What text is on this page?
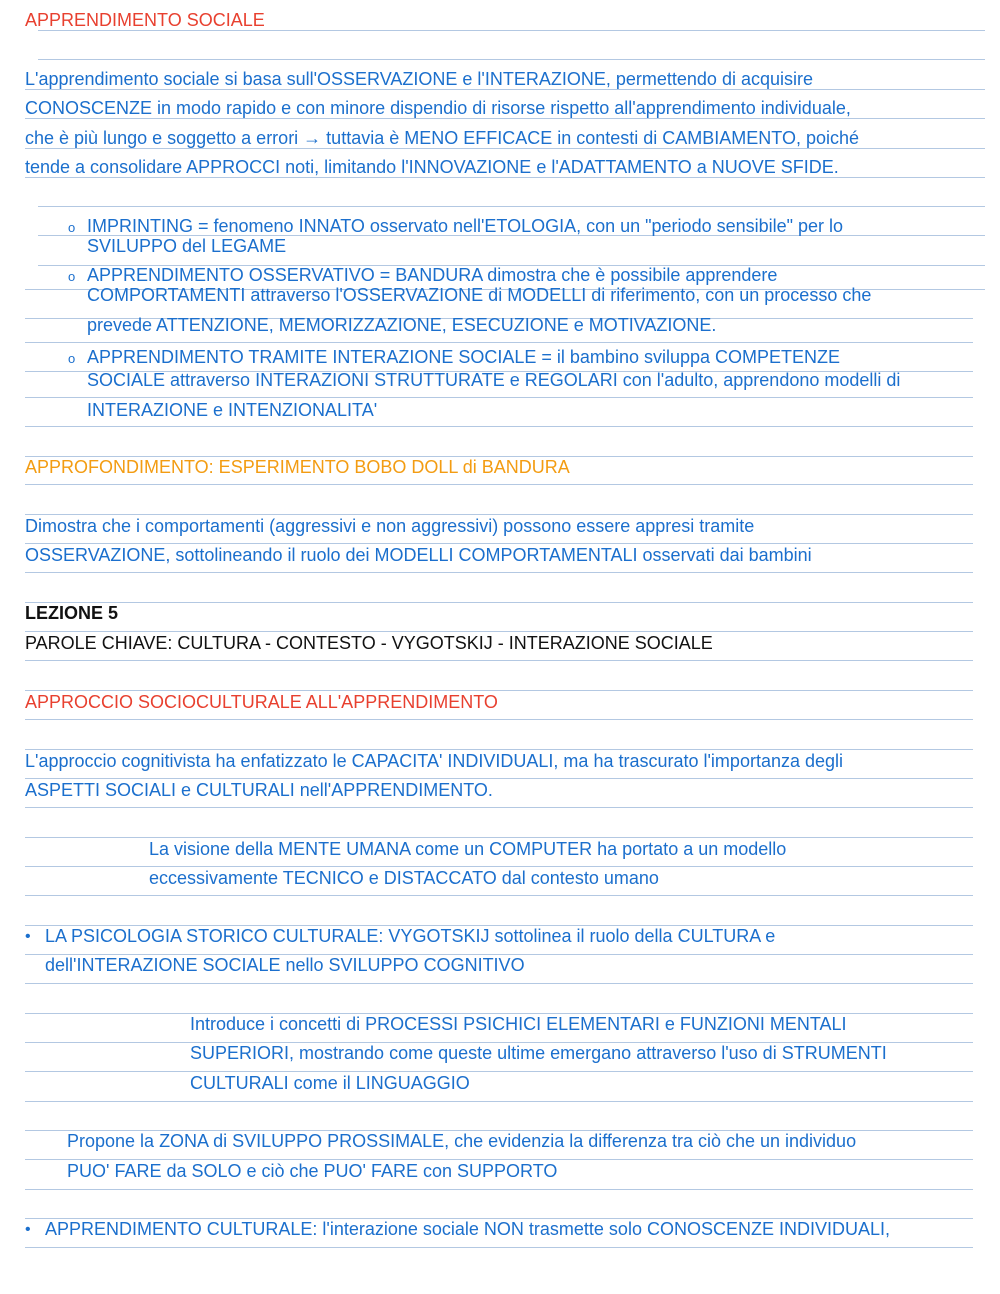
APPRENDIMENTO SOCIALE
L'apprendimento sociale si basa sull'OSSERVAZIONE e l'INTERAZIONE, permettendo di acquisire
CONOSCENZE in modo rapido e con minore dispendio di risorse rispetto all'apprendimento individuale,
che è più lungo e soggetto a errori → tuttavia è MENO EFFICACE in contesti di CAMBIAMENTO, poiché
tende a consolidare APPROCCI noti, limitando l'INNOVAZIONE e l'ADATTAMENTO a NUOVE SFIDE.
o IMPRINTING = fenomeno INNATO osservato nell'ETOLOGIA, con un "periodo sensibile" per lo
SVILUPPO del LEGAME
o APPRENDIMENTO OSSERVATIVO = BANDURA dimostra che è possibile apprendere
COMPORTAMENTI attraverso l'OSSERVAZIONE di MODELLI di riferimento, con un processo che
prevede ATTENZIONE, MEMORIZZAZIONE, ESECUZIONE e MOTIVAZIONE.
o APPRENDIMENTO TRAMITE INTERAZIONE SOCIALE = il bambino sviluppa COMPETENZE
SOCIALE attraverso INTERAZIONI STRUTTURATE e REGOLARI con l'adulto, apprendono modelli di
INTERAZIONE e INTENZIONALITA'
APPROFONDIMENTO: ESPERIMENTO BOBO DOLL di BANDURA
Dimostra che i comportamenti (aggressivi e non aggressivi) possono essere appresi tramite
OSSERVAZIONE, sottolineando il ruolo dei MODELLI COMPORTAMENTALI osservati dai bambini
LEZIONE 5
PAROLE CHIAVE: CULTURA - CONTESTO - VYGOTSKIJ - INTERAZIONE SOCIALE
APPROCCIO SOCIOCULTURALE ALL'APPRENDIMENTO
L'approccio cognitivista ha enfatizzato le CAPACITA' INDIVIDUALI, ma ha trascurato l'importanza degli
ASPETTI SOCIALI e CULTURALI nell'APPRENDIMENTO.
La visione della MENTE UMANA come un COMPUTER ha portato a un modello
eccessivamente TECNICO e DISTACCATO dal contesto umano
• LA PSICOLOGIA STORICO CULTURALE: VYGOTSKIJ sottolinea il ruolo della CULTURA e
dell'INTERAZIONE SOCIALE nello SVILUPPO COGNITIVO
Introduce i concetti di PROCESSI PSICHICI ELEMENTARI e FUNZIONI MENTALI
SUPERIORI, mostrando come queste ultime emergano attraverso l'uso di STRUMENTI
CULTURALI come il LINGUAGGIO
Propone la ZONA di SVILUPPO PROSSIMALE, che evidenzia la differenza tra ciò che un individuo
PUO' FARE da SOLO e ciò che PUO' FARE con SUPPORTO
• APPRENDIMENTO CULTURALE: l'interazione sociale NON trasmette solo CONOSCENZE INDIVIDUALI,
